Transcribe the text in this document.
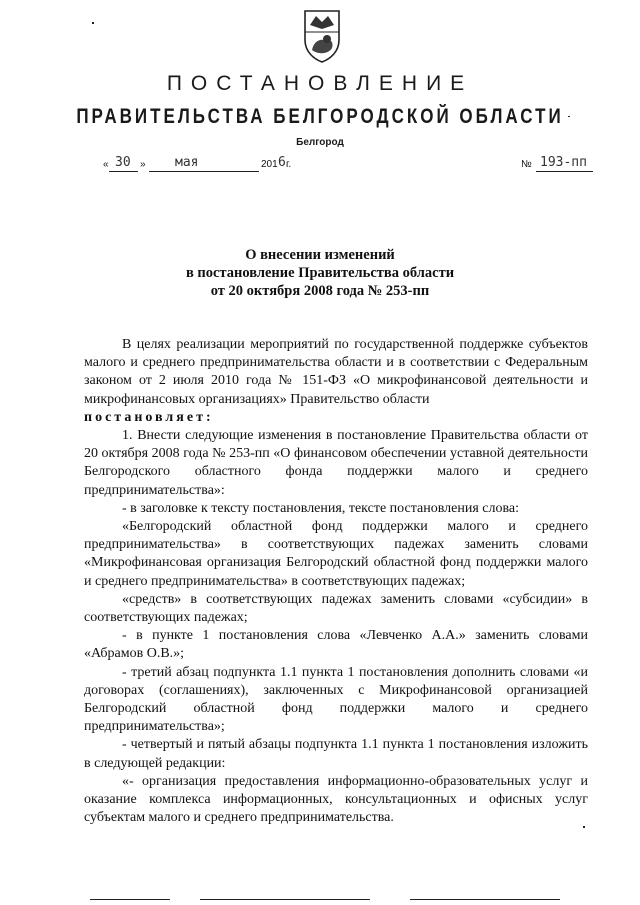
ПОСТАНОВЛЕНИЕ
ПРАВИТЕЛЬСТВА БЕЛГОРОДСКОЙ ОБЛАСТИ
Белгород
« 30 » мая	201 6 г.	№ 193-пп
О внесении изменений
в постановление Правительства области
от 20 октября 2008 года № 253-пп

В целях реализации мероприятий по государственной поддержке субъектов малого и среднего предпринимательства области и в соответствии с Федеральным законом от 2 июля 2010 года № 151-ФЗ «О микрофинансовой деятельности и микрофинансовых организациях» Правительство области

постановляет:

1. Внести следующие изменения в постановление Правительства области от 20 октября 2008 года № 253-пп «О финансовом обеспечении уставной деятельности Белгородского областного фонда поддержки малого и среднего предпринимательства»:

- в заголовке к тексту постановления, тексте постановления слова:

«Белгородский областной фонд поддержки малого и среднего предпринимательства» в соответствующих падежах заменить словами «Микрофинансовая организация Белгородский областной фонд поддержки малого и среднего предпринимательства» в соответствующих падежах;

«средств» в соответствующих падежах заменить словами «субсидии» в соответствующих падежах;

- в пункте 1 постановления слова «Левченко А.А.» заменить словами «Абрамов О.В.»;

- третий абзац подпункта 1.1 пункта 1 постановления дополнить словами «и договорах (соглашениях), заключенных с Микрофинансовой организацией Белгородский областной фонд поддержки малого и среднего предпринимательства»;

- четвертый и пятый абзацы подпункта 1.1 пункта 1 постановления изложить в следующей редакции:

«- организация предоставления информационно-образовательных услуг и оказание комплекса информационных, консультационных и офисных услуг субъектам малого и среднего предпринимательства.
